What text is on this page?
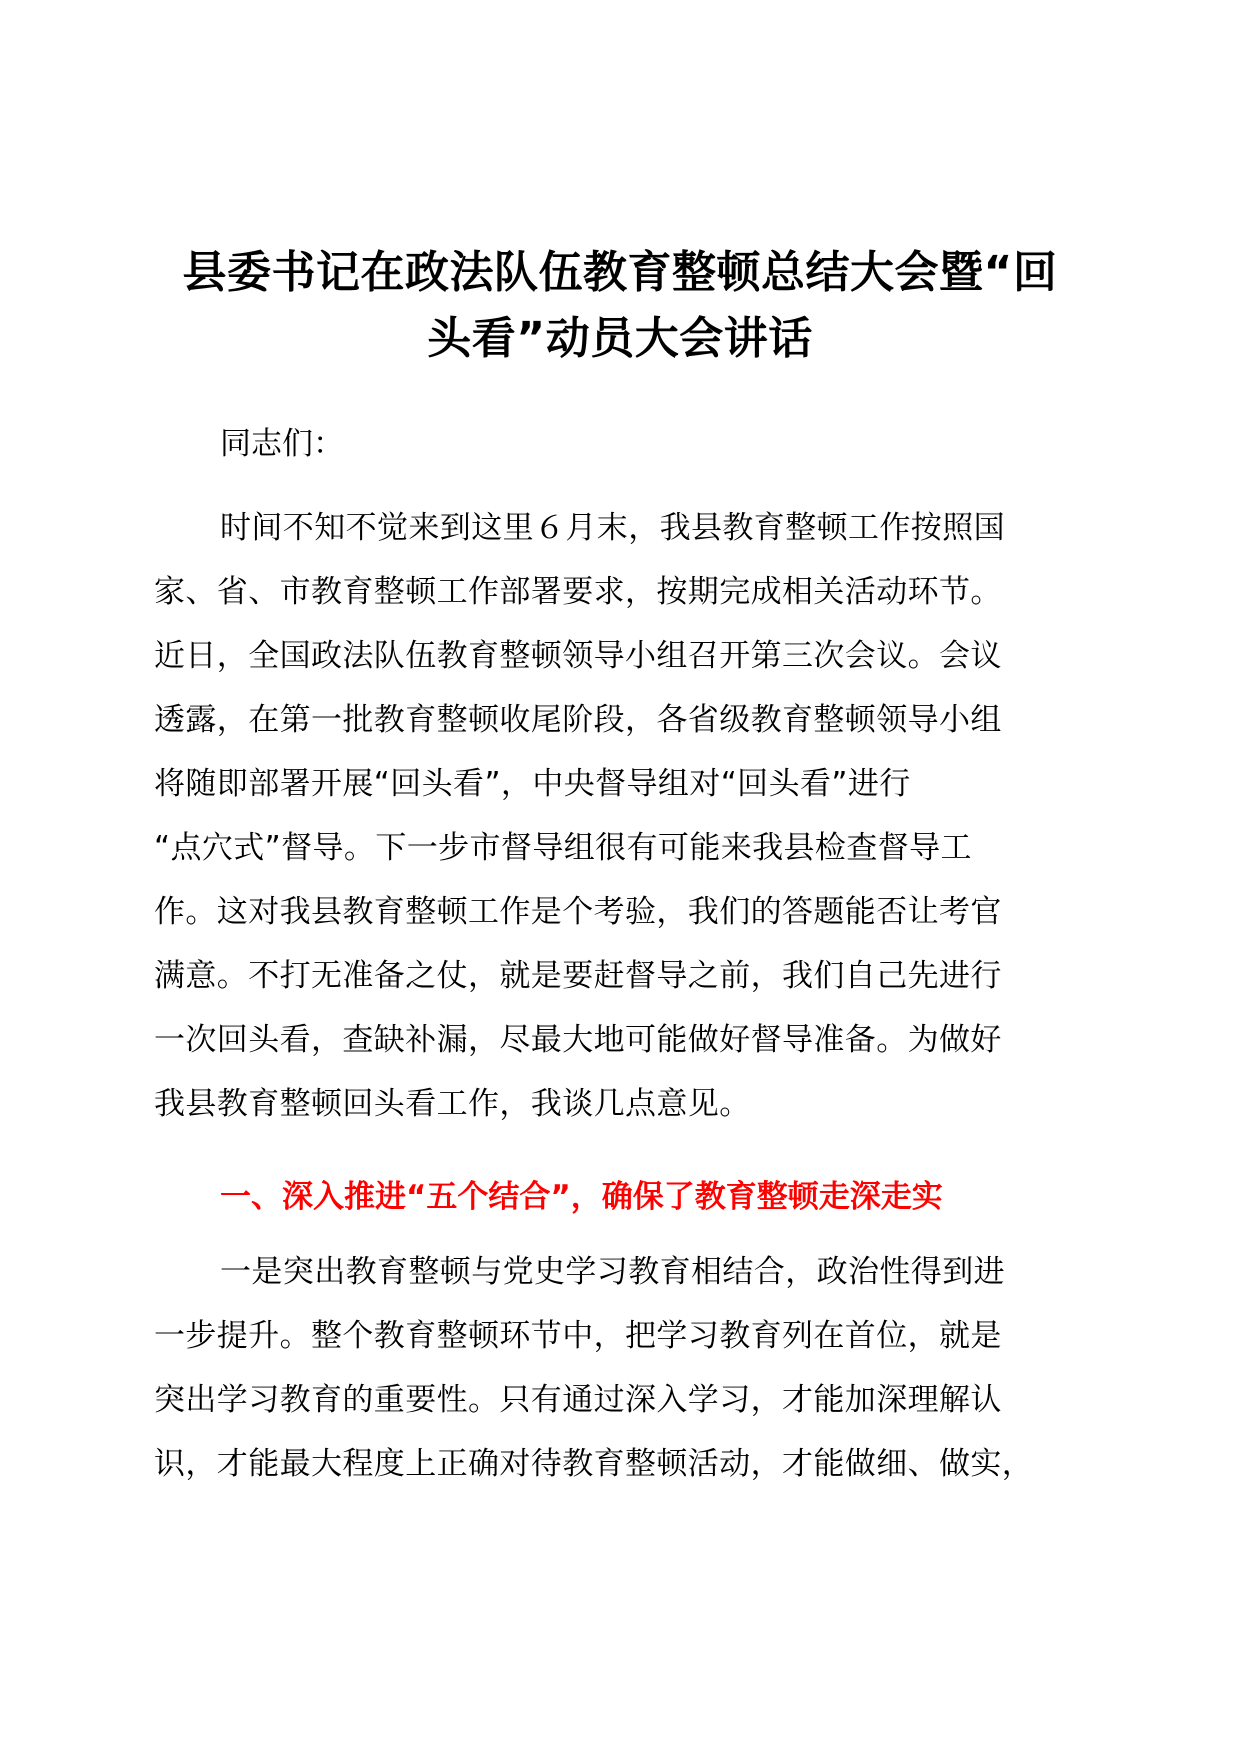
县委书记在政法队伍教育整顿总结大会暨“回
头看”动员大会讲话

同志们：

时间不知不觉来到这里６月末，我县教育整顿工作按照国
家、省、市教育整顿工作部署要求，按期完成相关活动环节。
近日，全国政法队伍教育整顿领导小组召开第三次会议。会议
透露，在第一批教育整顿收尾阶段，各省级教育整顿领导小组
将随即部署开展“回头看”，中央督导组对“回头看”进行
“点穴式”督导。下一步市督导组很有可能来我县检查督导工
作。这对我县教育整顿工作是个考验，我们的答题能否让考官
满意。不打无准备之仗，就是要赶督导之前，我们自己先进行
一次回头看，查缺补漏，尽最大地可能做好督导准备。为做好
我县教育整顿回头看工作，我谈几点意见。
一、深入推进“五个结合”，确保了教育整顿走深走实
一是突出教育整顿与党史学习教育相结合，政治性得到进
一步提升。整个教育整顿环节中，把学习教育列在首位，就是
突出学习教育的重要性。只有通过深入学习，才能加深理解认
识，才能最大程度上正确对待教育整顿活动，才能做细、做实，
